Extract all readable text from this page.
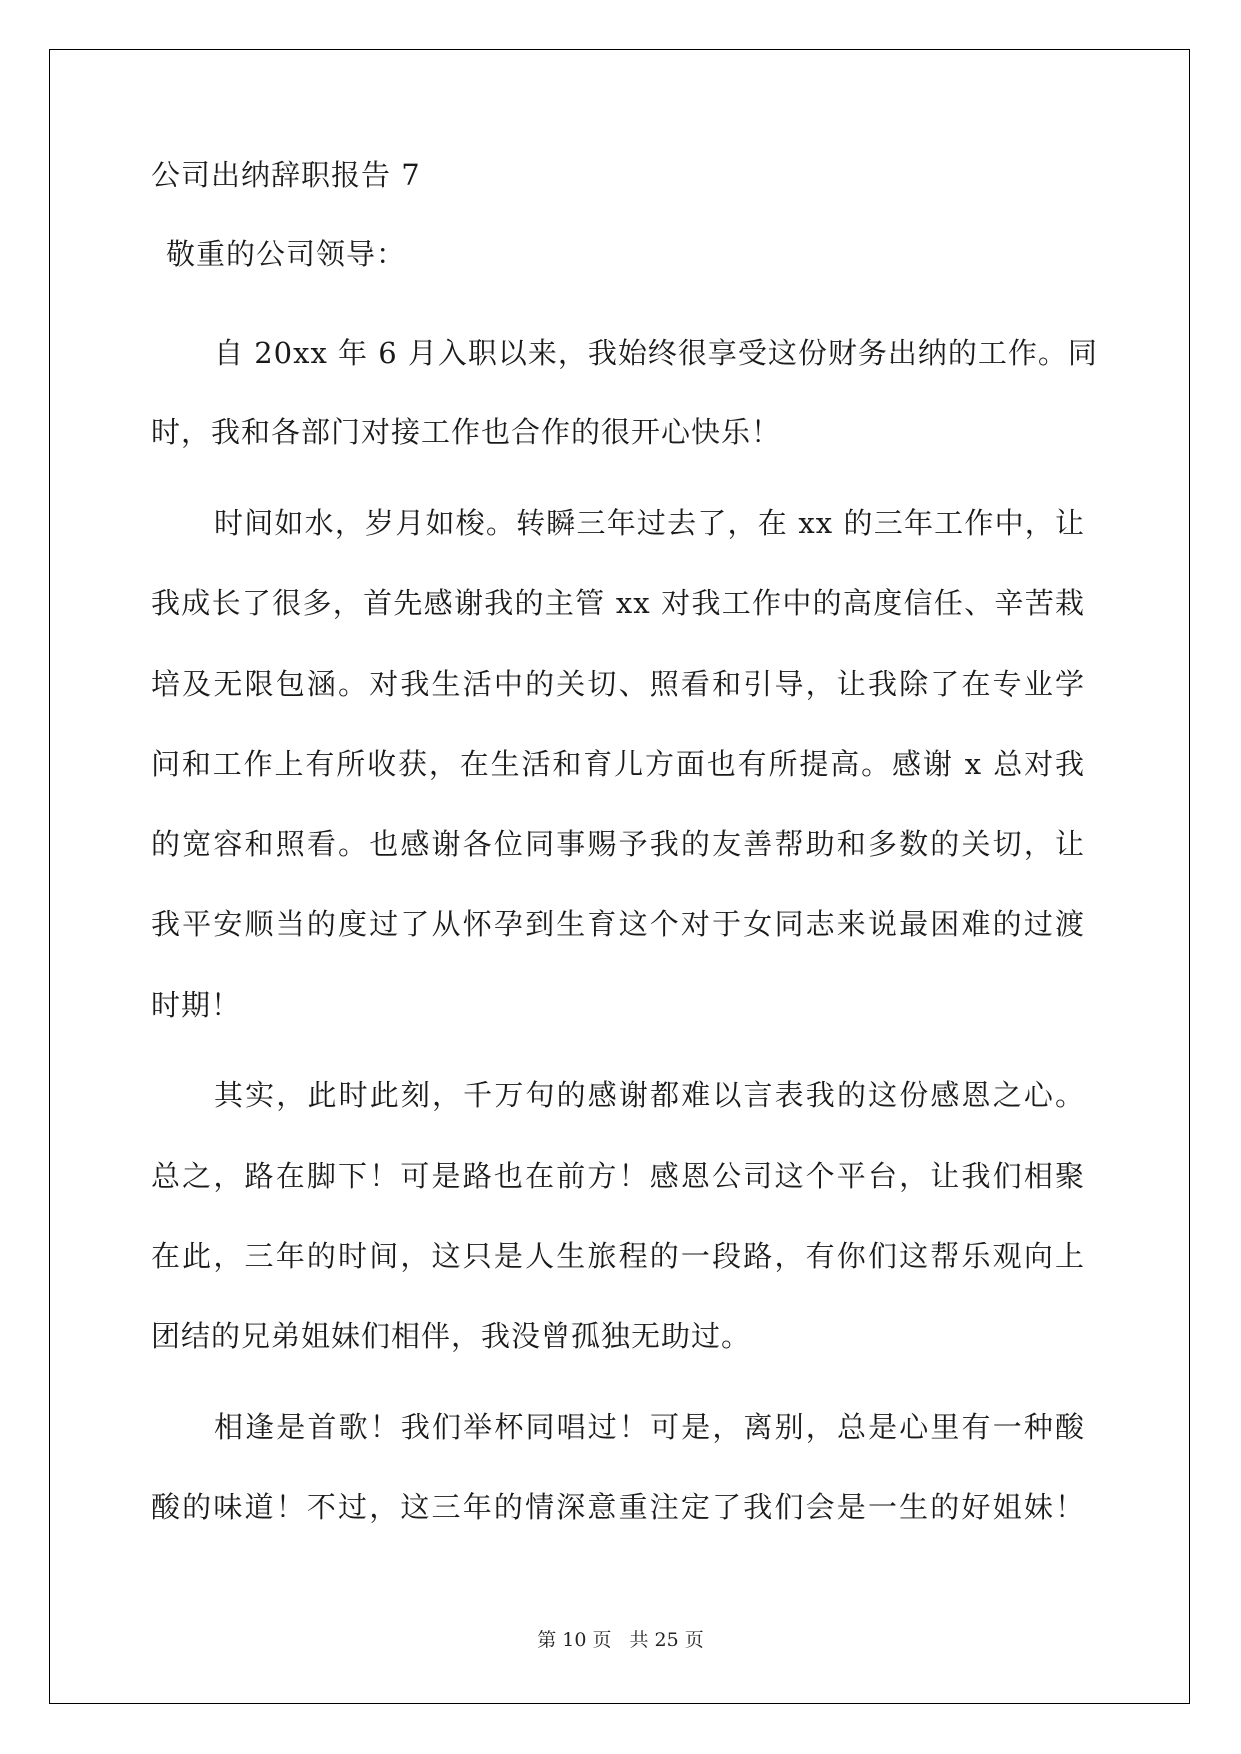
公司出纳辞职报告 7
敬重的公司领导：
自 20xx 年 6 月入职以来，我始终很享受这份财务出纳的工作。同
时，我和各部门对接工作也合作的很开心快乐！
时间如水，岁月如梭。转瞬三年过去了，在 xx 的三年工作中，让
我成长了很多，首先感谢我的主管 xx 对我工作中的高度信任、辛苦栽
培及无限包涵。对我生活中的关切、照看和引导，让我除了在专业学
问和工作上有所收获，在生活和育儿方面也有所提高。感谢 x 总对我
的宽容和照看。也感谢各位同事赐予我的友善帮助和多数的关切，让
我平安顺当的度过了从怀孕到生育这个对于女同志来说最困难的过渡
时期！
其实，此时此刻，千万句的感谢都难以言表我的这份感恩之心。
总之，路在脚下！可是路也在前方！感恩公司这个平台，让我们相聚
在此，三年的时间，这只是人生旅程的一段路，有你们这帮乐观向上
团结的兄弟姐妹们相伴，我没曾孤独无助过。
相逢是首歌！我们举杯同唱过！可是，离别，总是心里有一种酸
酸的味道！不过，这三年的情深意重注定了我们会是一生的好姐妹！
第 10 页 共 25 页
